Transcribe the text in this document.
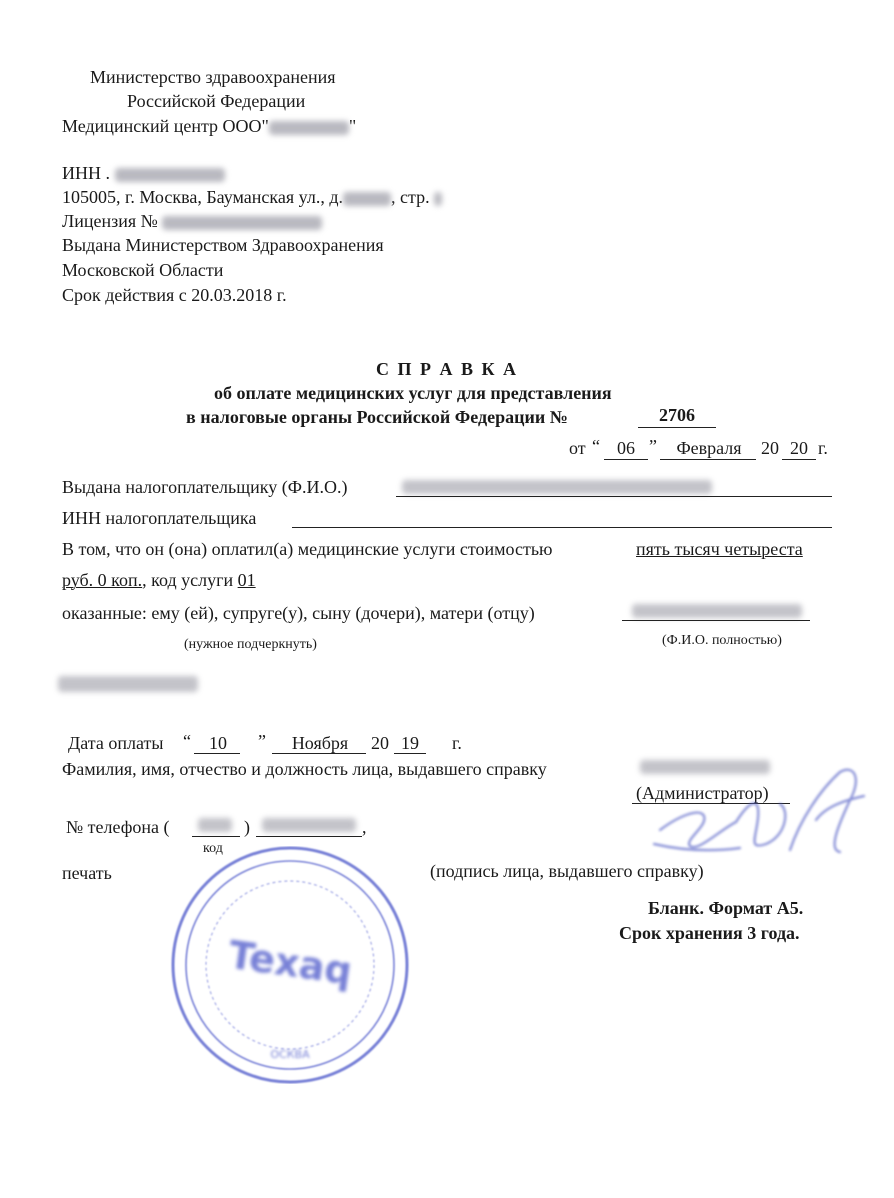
Министерство здравоохранения
Российской Федерации
Медицинский центр ООО"	"
ИНН .
105005, г. Москва, Бауманская ул., д.	, стр.
Лицензия №
Выдана Министерством Здравоохранения
Московской Области
Срок действия с 20.03.2018 г.
С П Р А В К А
об оплате медицинских услуг для представления
в налоговые органы Российской Федерации №	2706
от “ 06 ”	Февраля	20 20 г.
Выдана налогоплательщику (Ф.И.О.)
ИНН налогоплательщика
В том, что он (она) оплатил(а) медицинские услуги стоимостью	пять тысяч четыреста
руб. 0 коп., код услуги 01
оказанные: ему (ей), супруге(у), сыну (дочери), матери (отцу)
(нужное подчеркнуть)	(Ф.И.О. полностью)
Дата оплаты “	10	”	Ноября	20 19 г.
Фамилия, имя, отчество и должность лица, выдавшего справку
(Администратор)
№ телефона (	)	,
код
печать	(подпись лица, выдавшего справку)
Бланк. Формат А5.
Срок хранения 3 года.
Texaq
ОСКВА
